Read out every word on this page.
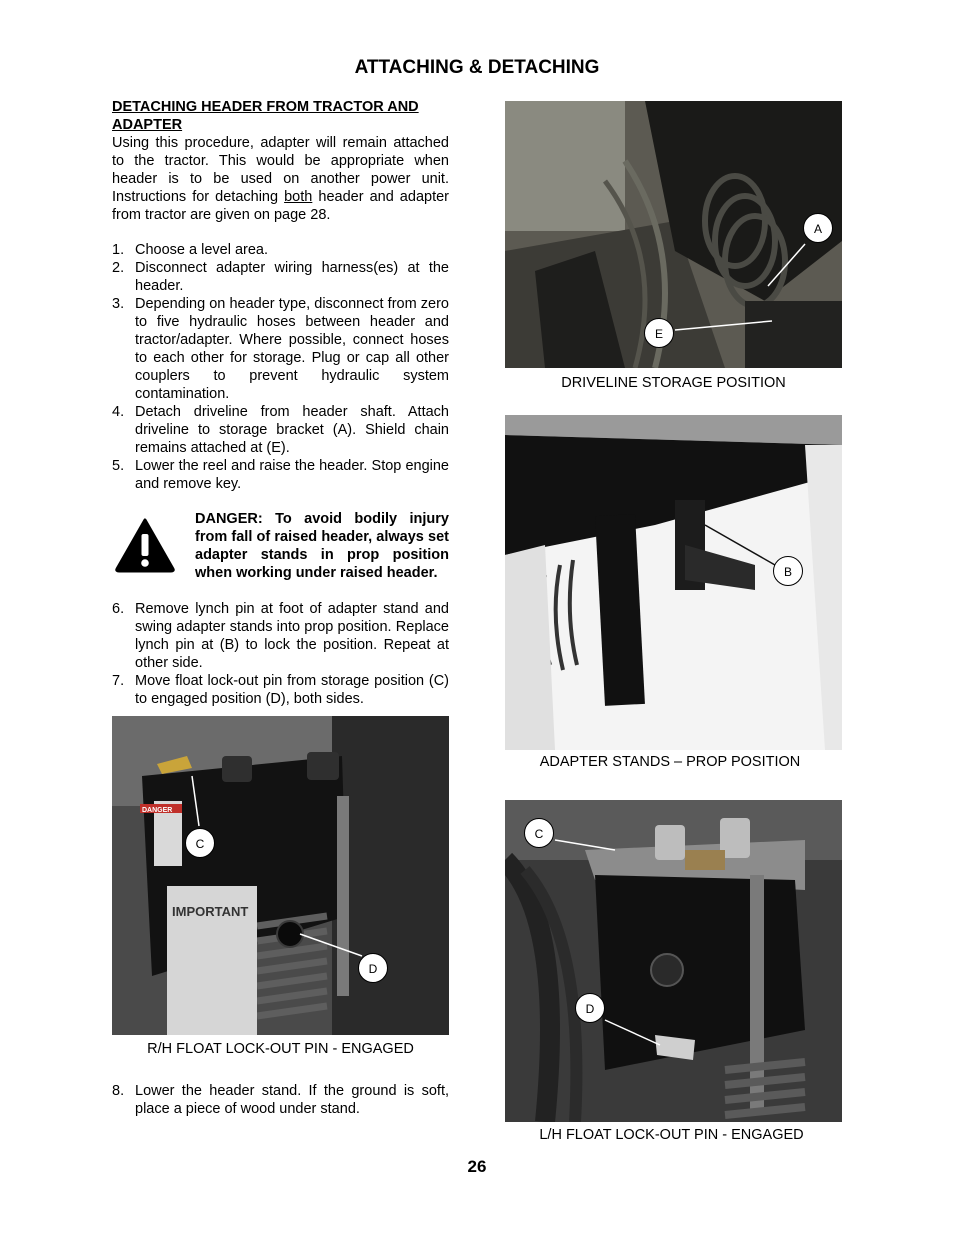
ATTACHING & DETACHING
DETACHING HEADER FROM TRACTOR AND ADAPTER
Using this procedure, adapter will remain attached to the tractor. This would be appropriate when header is to be used on another power unit. Instructions for detaching both header and adapter from tractor are given on page 28.
1. Choose a level area.
2. Disconnect adapter wiring harness(es) at the header.
3. Depending on header type, disconnect from zero to five hydraulic hoses between header and tractor/adapter. Where possible, connect hoses to each other for storage. Plug or cap all other couplers to prevent hydraulic system contamination.
4. Detach driveline from header shaft. Attach driveline to storage bracket (A). Shield chain remains attached at (E).
5. Lower the reel and raise the header. Stop engine and remove key.
DANGER: To avoid bodily injury from fall of raised header, always set adapter stands in prop position when working under raised header.
6. Remove lynch pin at foot of adapter stand and swing adapter stands into prop position. Replace lynch pin at (B) to lock the position. Repeat at other side.
7. Move float lock-out pin from storage position (C) to engaged position (D), both sides.
IMPORTANT
DANGER
C
D
R/H FLOAT LOCK-OUT PIN - ENGAGED
8. Lower the header stand. If the ground is soft, place a piece of wood under stand.
A
E
DRIVELINE STORAGE POSITION
B
ADAPTER STANDS – PROP POSITION
C
D
L/H FLOAT LOCK-OUT PIN - ENGAGED
26
